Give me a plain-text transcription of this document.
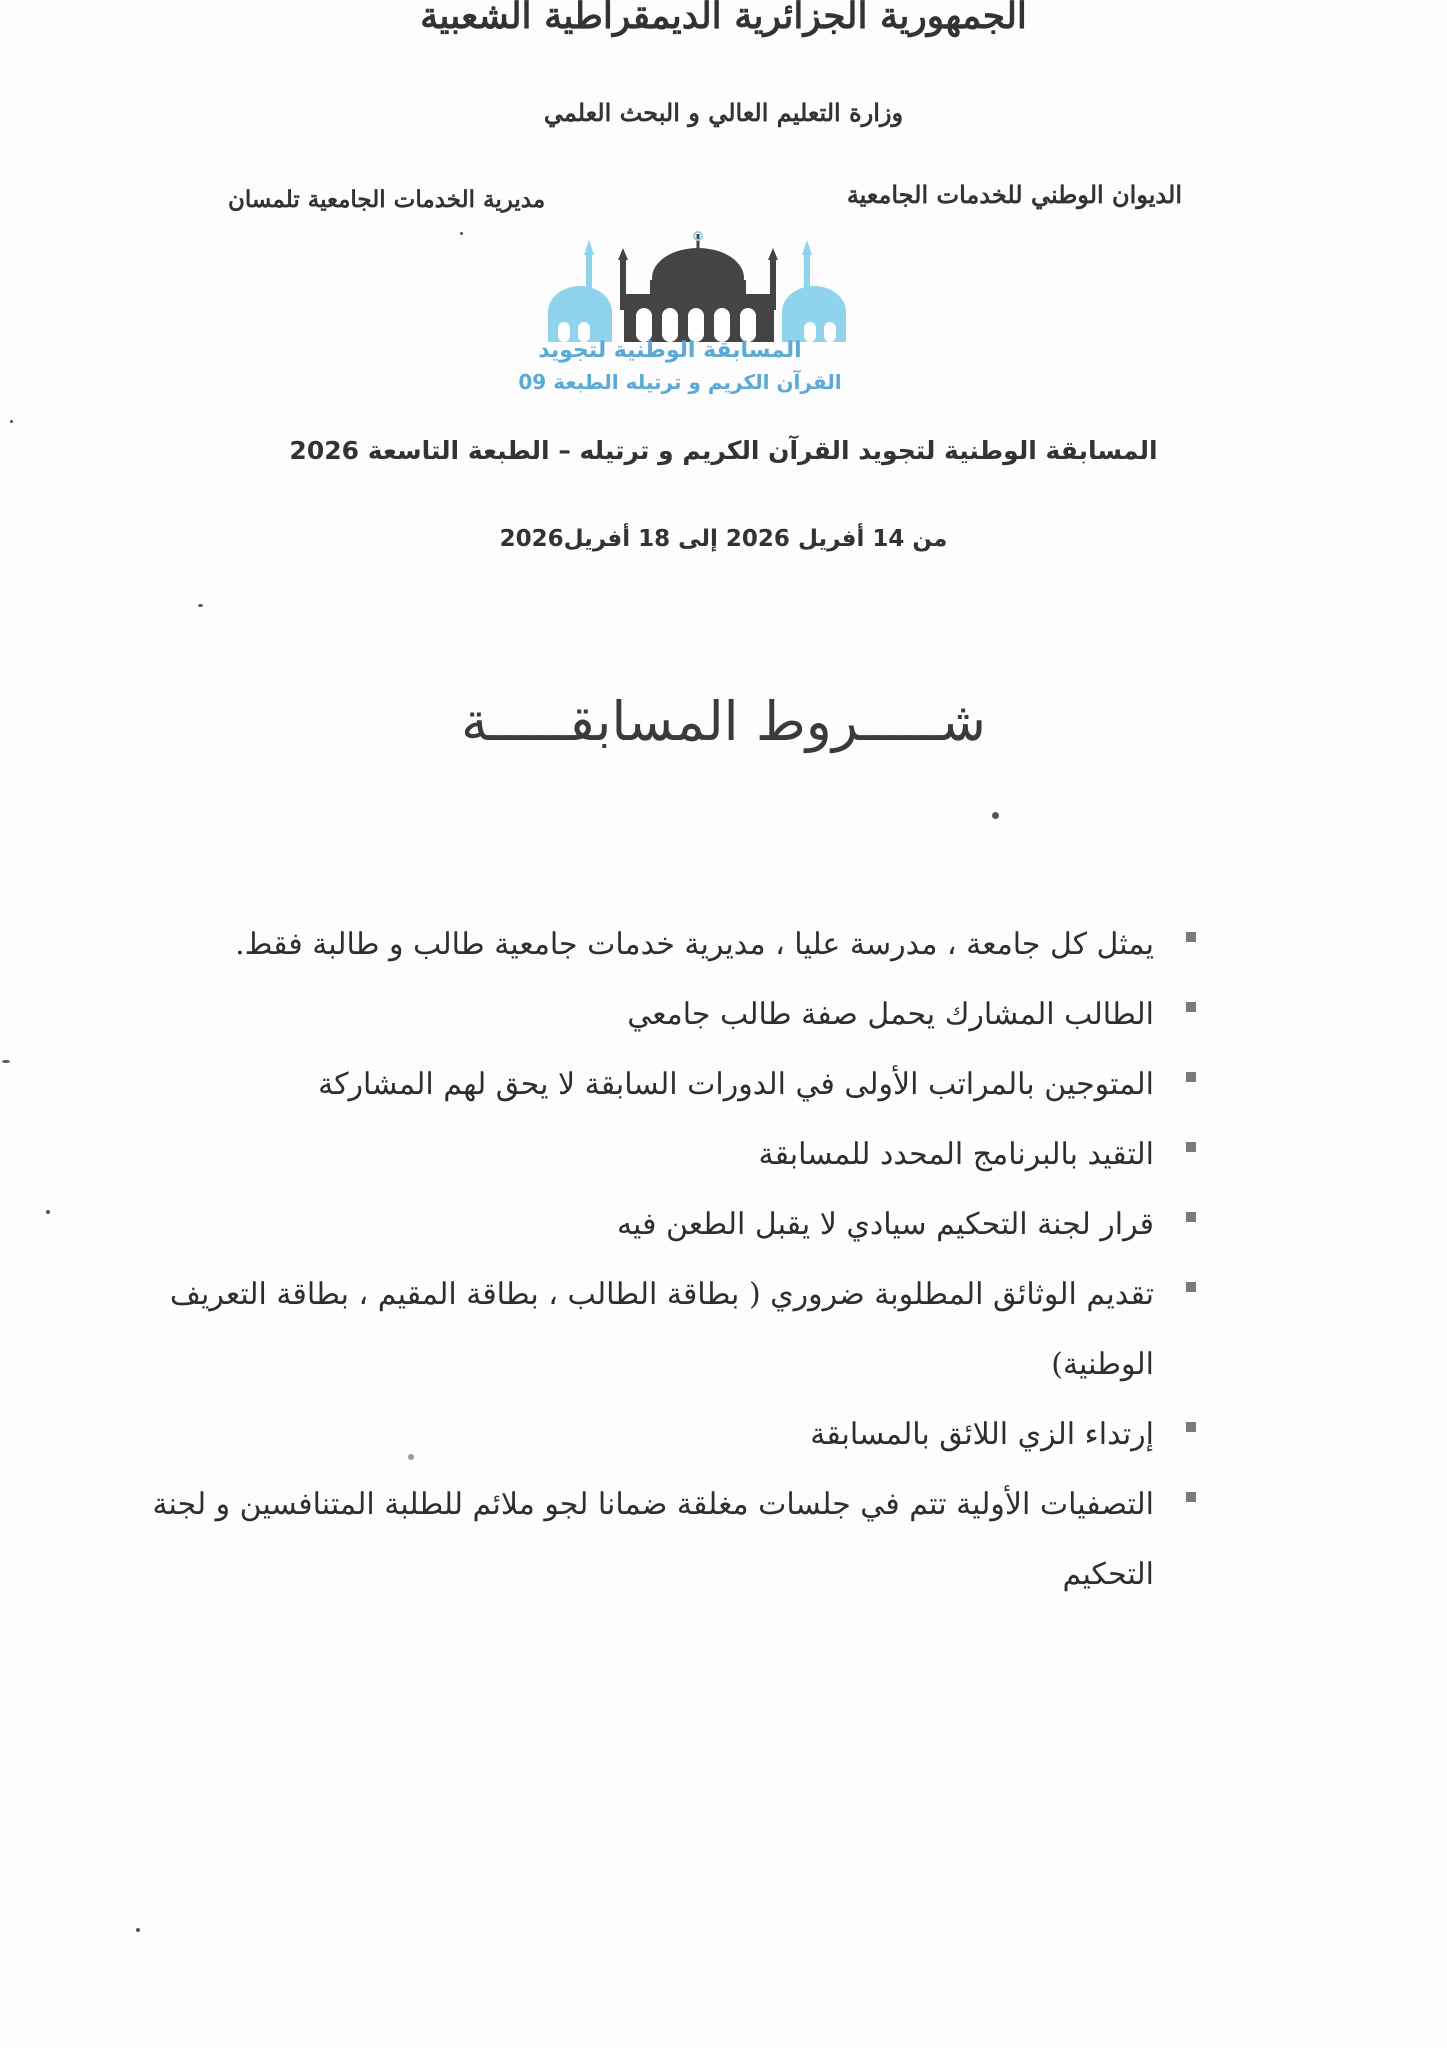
الجمهورية الجزائرية الديمقراطية الشعبية
وزارة التعليم العالي و البحث العلمي
الديوان الوطني للخدمات الجامعية
مديرية الخدمات الجامعية تلمسان
المسابقة الوطنية لتجويد
القرآن الكريم و ترتيله الطبعة 09
المسابقة الوطنية لتجويد القرآن الكريم و ترتيله – الطبعة التاسعة 2026
من 14 أفريل 2026 إلى 18 أفريل2026
شـــــروط المسابقـــــة
يمثل كل جامعة ، مدرسة عليا ، مديرية خدمات جامعية طالب و طالبة فقط.
الطالب المشارك يحمل صفة طالب جامعي
المتوجين بالمراتب الأولى في الدورات السابقة لا يحق لهم المشاركة
التقيد بالبرنامج المحدد للمسابقة
قرار لجنة التحكيم سيادي لا يقبل الطعن فيه
تقديم الوثائق المطلوبة ضروري ( بطاقة الطالب ، بطاقة المقيم ، بطاقة التعريف الوطنية)
إرتداء الزي اللائق بالمسابقة
التصفيات الأولية تتم في جلسات مغلقة ضمانا لجو ملائم للطلبة المتنافسين و لجنة التحكيم
